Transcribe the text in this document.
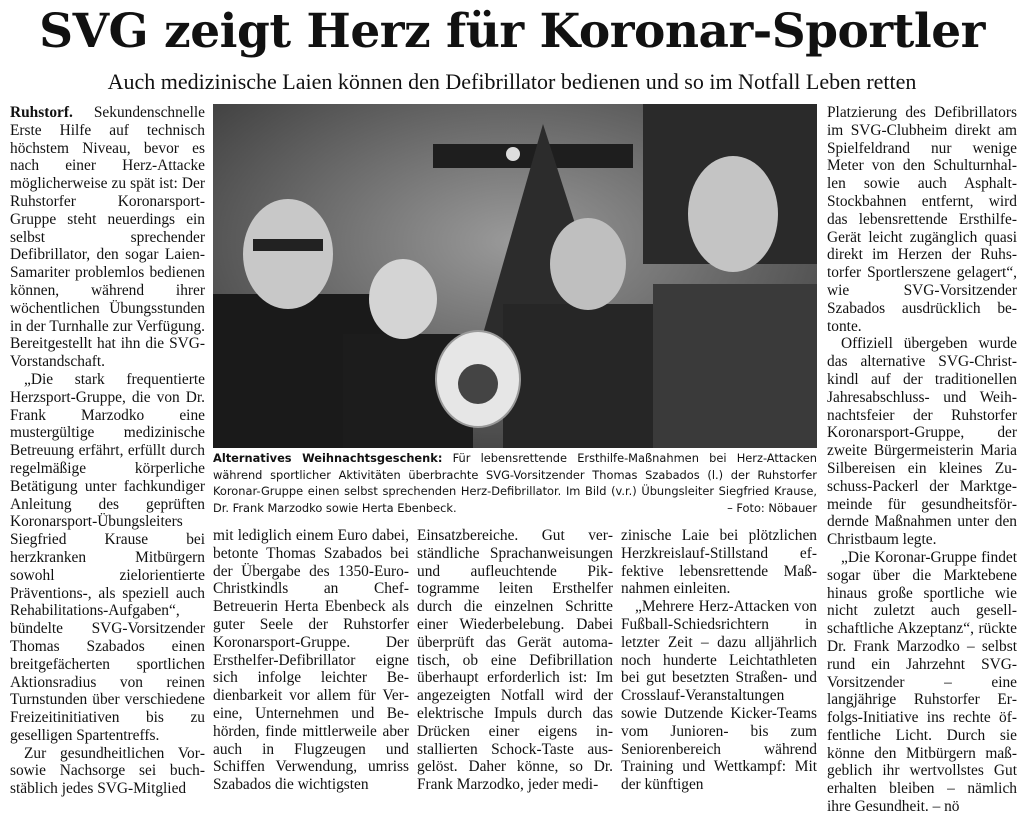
SVG zeigt Herz für Koronar-Sportler
Auch medizinische Laien können den Defibrillator bedienen und so im Notfall Leben retten

Ruhstorf. Sekundenschnelle Erste Hilfe auf technisch höchstem Niveau, bevor es nach einer Herz-Attacke möglicherweise zu spät ist: Der Ruhstorfer Koronarsport-Gruppe steht neuerdings ein selbst sprechender Defibrillator, den sogar Laien-Samariter problemlos bedienen können, während ihrer wöchentlichen Übungsstunden in der Turnhalle zur Verfügung. Bereitgestellt hat ihn die SVG-Vorstandschaft.

„Die stark frequentierte Herzsport-Gruppe, die von Dr. Frank Marzodko eine mustergültige medizinische Betreuung erfährt, erfüllt durch regelmäßige körperliche Betätigung unter fachkundiger Anleitung des geprüften Koronarsport-Übungsleiters Siegfried Krause bei herzkranken Mitbürgern sowohl zielorientierte Präventions-, als speziell auch Rehabilitations-Aufgaben“, bündelte SVG-Vorsitzender Thomas Szabados einen breitgefächerten sportlichen Aktionsradius von reinen Turnstunden über verschiedene Freizeitinitiativen bis zu geselligen Spartentreffs.

Zur gesundheitlichen Vorsowie Nachsorge sei buchstäblich jedes SVG-Mitglied

Alternatives Weihnachtsgeschenk: Für lebensrettende Ersthilfe-Maßnahmen bei Herz-Attacken während sportlicher Aktivitäten überbrachte SVG-Vorsitzender Thomas Szabados (l.) der Ruhstorfer Koronar-Gruppe einen selbst sprechenden Herz-Defibrillator. Im Bild (v.r.) Übungsleiter Siegfried Krause, Dr. Frank Marzodko sowie Herta Ebenbeck.	– Foto: Nöbauer

mit lediglich einem Euro dabei, betonte Thomas Szabados bei der Übergabe des 1350-Euro-Christkindls an Chef-Betreuerin Herta Ebenbeck als guter Seele der Ruhstorfer Koronarsport-Gruppe. Der Ersthelfer-Defibrillator eigne sich infolge leichter Bedienbarkeit vor allem für Vereine, Unternehmen und Behörden, finde mittlerweile aber auch in Flugzeugen und Schiffen Verwendung, umriss Szabados die wichtigsten

Einsatzbereiche. Gut verständliche Sprachanweisungen und aufleuchtende Piktogramme leiten Ersthelfer durch die einzelnen Schritte einer Wiederbelebung. Dabei überprüft das Gerät automatisch, ob eine Defibrillation überhaupt erforderlich ist: Im angezeigten Notfall wird der elektrische Impuls durch das Drücken einer eigens installierten Schock-Taste ausgelöst. Daher könne, so Dr. Frank Marzodko, jeder medi-

zinische Laie bei plötzlichen Herzkreislauf-Stillstand effektive lebensrettende Maßnahmen einleiten.

„Mehrere Herz-Attacken von Fußball-Schiedsrichtern in letzter Zeit – dazu alljährlich noch hunderte Leichtathleten bei gut besetzten Straßen- und Crosslauf-Veranstaltungen sowie Dutzende Kicker-Teams vom Junioren- bis zum Seniorenbereich während Training und Wettkampf: Mit der künftigen

Platzierung des Defibrillators im SVG-Clubheim direkt am Spielfeldrand nur wenige Meter von den Schulturnhallen sowie auch Asphalt-Stockbahnen entfernt, wird das lebensrettende Ersthilfe-Gerät leicht zugänglich quasi direkt im Herzen der Ruhstorfer Sportlerszene gelagert“, wie SVG-Vorsitzender Szabados ausdrücklich betonte.

Offiziell übergeben wurde das alternative SVG-Christkindl auf der traditionellen Jahresabschluss- und Weihnachtsfeier der Ruhstorfer Koronarsport-Gruppe, der zweite Bürgermeisterin Maria Silbereisen ein kleines Zuschuss-Packerl der Marktgemeinde für gesundheitsfördernde Maßnahmen unter den Christbaum legte.

„Die Koronar-Gruppe findet sogar über die Marktebene hinaus große sportliche wie nicht zuletzt auch gesellschaftliche Akzeptanz“, rückte Dr. Frank Marzodko – selbst rund ein Jahrzehnt SVG-Vorsitzender – eine langjährige Ruhstorfer Erfolgs-Initiative ins rechte öffentliche Licht. Durch sie könne den Mitbürgern maßgeblich ihr wertvollstes Gut erhalten bleiben – nämlich ihre Gesundheit. – nö
